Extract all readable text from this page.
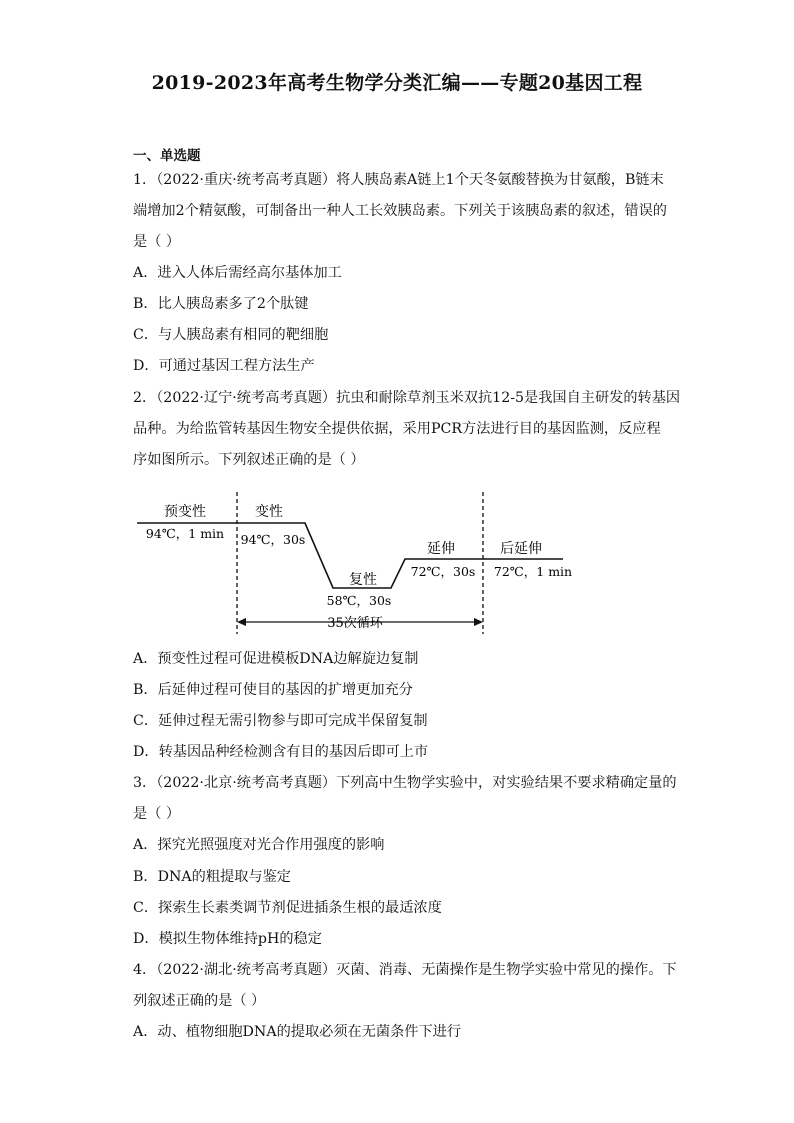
2019-2023年高考生物学分类汇编——专题20基因工程
一、单选题
1．（2022·重庆·统考高考真题）将人胰岛素A链上1个天冬氨酸替换为甘氨酸，B链末
端增加2个精氨酸，可制备出一种人工长效胰岛素。下列关于该胰岛素的叙述，错误的
是（ ）
A．进入人体后需经高尔基体加工
B．比人胰岛素多了2个肽键
C．与人胰岛素有相同的靶细胞
D．可通过基因工程方法生产
2．（2022·辽宁·统考高考真题）抗虫和耐除草剂玉米双抗12-5是我国自主研发的转基因
品种。为给监管转基因生物安全提供依据，采用PCR方法进行目的基因监测，反应程
序如图所示。下列叙述正确的是（ ）
预变性
94℃，1 min
变性
94℃，30s
复性
58℃，30s
延伸
72℃，30s
后延伸
72℃，1 min
35次循环
A．预变性过程可促进模板DNA边解旋边复制
B．后延伸过程可使目的基因的扩增更加充分
C．延伸过程无需引物参与即可完成半保留复制
D．转基因品种经检测含有目的基因后即可上市
3．（2022·北京·统考高考真题）下列高中生物学实验中，对实验结果不要求精确定量的
是（ ）
A．探究光照强度对光合作用强度的影响
B．DNA的粗提取与鉴定
C．探索生长素类调节剂促进插条生根的最适浓度
D．模拟生物体维持pH的稳定
4．（2022·湖北·统考高考真题）灭菌、消毒、无菌操作是生物学实验中常见的操作。下
列叙述正确的是（ ）
A．动、植物细胞DNA的提取必须在无菌条件下进行
